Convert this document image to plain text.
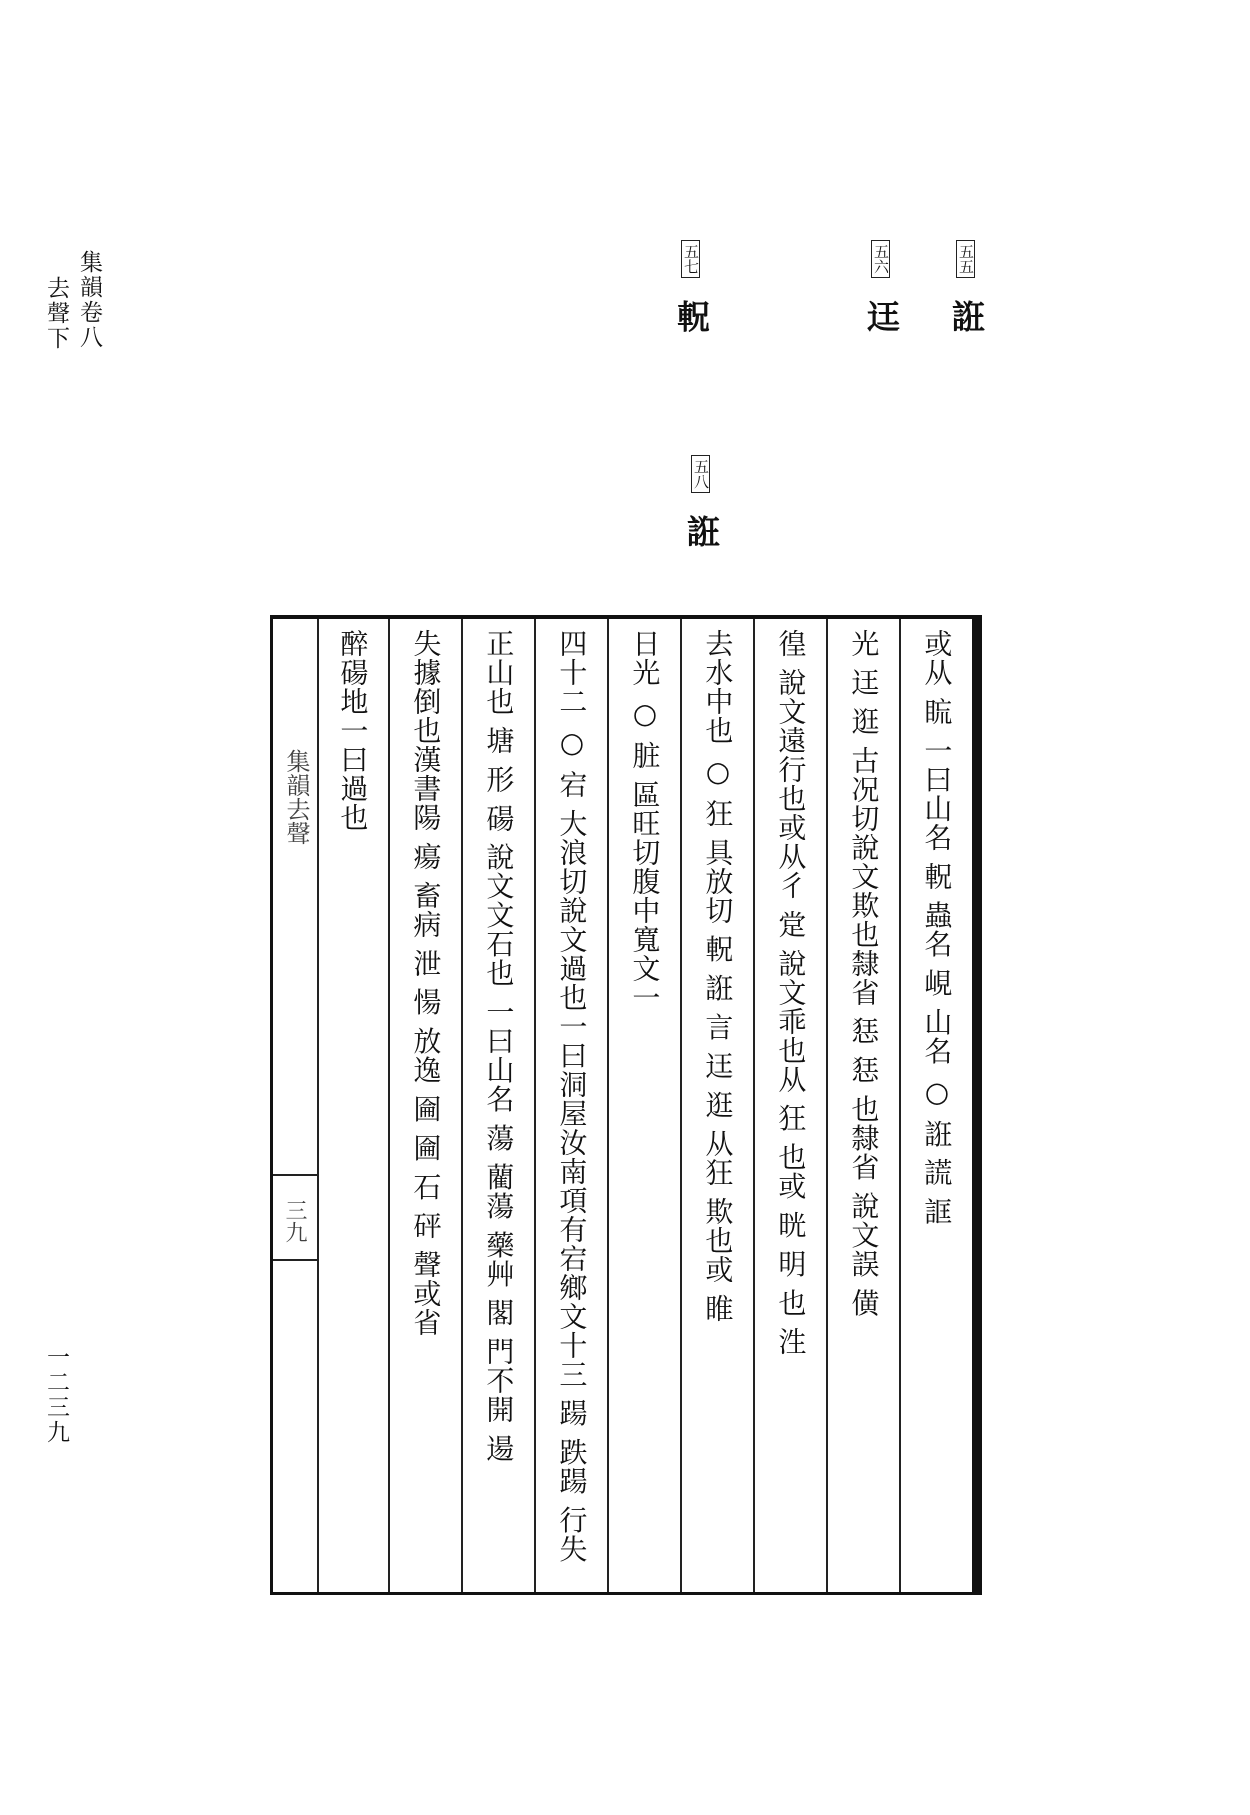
集韻卷八
去聲下
一二三九
五五 誑
五六 迋
五七 軦
五八 誑
集韻去聲
三九	或从 䀮 一曰山名 軦 蟲名 峴 山名 ○ 誑 謊 誆
光 迋 逛 古况切說文欺也隸省 㤮 㤮 也隸省 說文誤 僙
徨 說文遠行也或从彳 䟫 說文乖也从 狂 也或 晄 明 也 泩
去水中也 ○ 狂 具放切 軦 誑 言 迋 逛 从狂 欺也或 睢
日光 ○ 脏 區旺切腹中寬文一
四十二 ○ 宕 大浪切說文過也一曰洞屋汝南項有宕鄉文十三 踼 跌踼 行失
正山也 塘 形 碭 說文文石也 一曰山名 蕩 藺蕩 藥艸 閣 門不開 逿
失據倒也漢書陽 瘍 畜病 泄 愓 放逸 圇 圇 石 砰 聲或省
醉碭地一曰過也
